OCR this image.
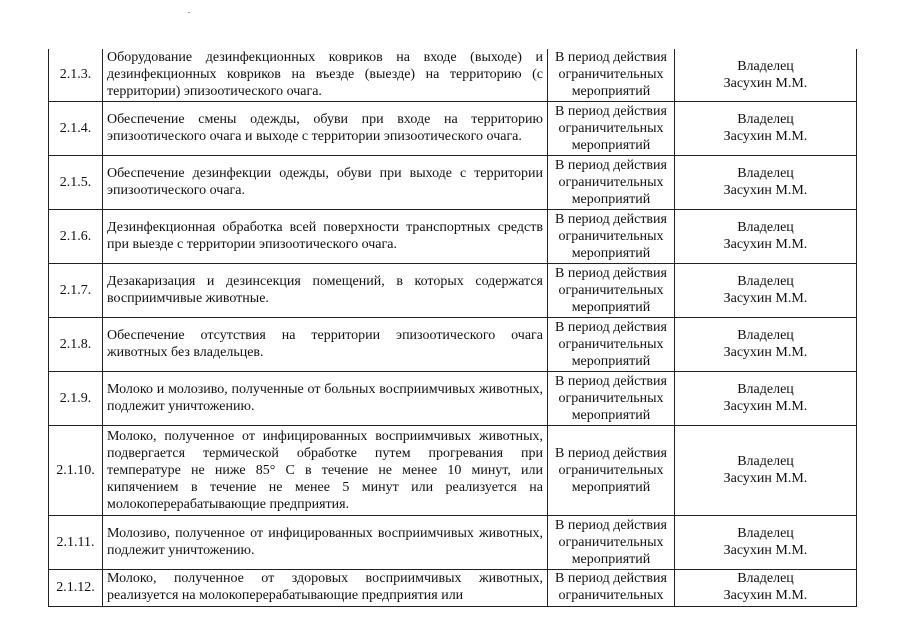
2.1.3.	Оборудование дезинфекционных ковриков на входе (выходе) и дезинфекционных ковриков на въезде (выезде) на территорию (с территории) эпизоотического очага.	В период действия ограничительных мероприятий	Владелец
Засухин М.М.

2.1.4.	Обеспечение смены одежды, обуви при входе на территорию эпизоотического очага и выходе с территории эпизоотического очага.	В период действия ограничительных мероприятий	Владелец
Засухин М.М.

2.1.5.	Обеспечение дезинфекции одежды, обуви при выходе с территории эпизоотического очага.	В период действия ограничительных мероприятий	Владелец
Засухин М.М.

2.1.6.	Дезинфекционная обработка всей поверхности транспортных средств при выезде с территории эпизоотического очага.	В период действия ограничительных мероприятий	Владелец
Засухин М.М.

2.1.7.	Дезакаризация и дезинсекция помещений, в которых содержатся восприимчивые животные.	В период действия ограничительных мероприятий	Владелец
Засухин М.М.

2.1.8.	Обеспечение отсутствия на территории эпизоотического очага животных без владельцев.	В период действия ограничительных мероприятий	Владелец
Засухин М.М.

2.1.9.	Молоко и молозиво, полученные от больных восприимчивых животных, подлежит уничтожению.	В период действия ограничительных мероприятий	Владелец
Засухин М.М.

2.1.10.	Молоко, полученное от инфицированных восприимчивых животных, подвергается термической обработке путем прогревания при температуре не ниже 85° С в течение не менее 10 минут, или кипячением в течение не менее 5 минут или реализуется на молокоперерабатывающие предприятия.	В период действия ограничительных мероприятий	Владелец
Засухин М.М.

2.1.11.	Молозиво, полученное от инфицированных восприимчивых животных, подлежит уничтожению.	В период действия ограничительных мероприятий	Владелец
Засухин М.М.

2.1.12.	Молоко, полученное от здоровых восприимчивых животных, реализуется на молокоперерабатывающие предприятия или	В период действия ограничительных	Владелец
Засухин М.М.
